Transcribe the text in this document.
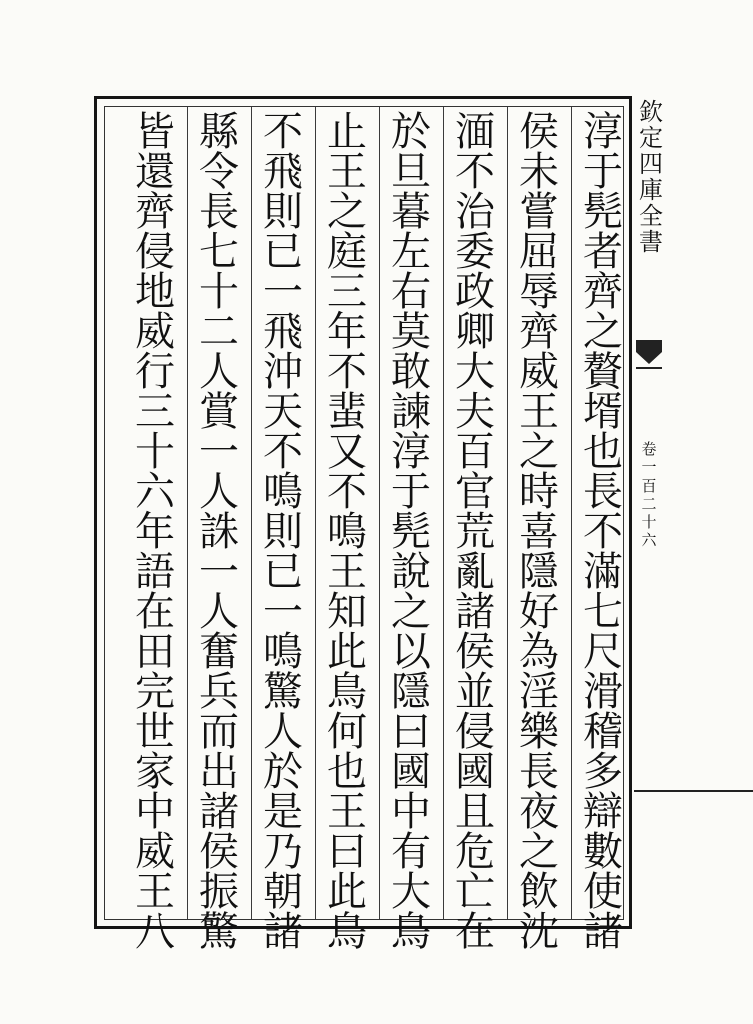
欽
定
四
庫
全
書
卷
一
百
二
十
六
淳
于
髡
者
齊
之
贅
壻
也
長
不
滿
七
尺
滑
稽
多
辯
數
使
諸
侯
未
嘗
屈
辱
齊
威
王
之
時
喜
隱
好
為
淫
樂
長
夜
之
飲
沈
湎
不
治
委
政
卿
大
夫
百
官
荒
亂
諸
侯
並
侵
國
且
危
亡
在
於
旦
暮
左
右
莫
敢
諫
淳
于
髡
說
之
以
隱
曰
國
中
有
大
鳥
止
王
之
庭
三
年
不
蜚
又
不
鳴
王
知
此
鳥
何
也
王
曰
此
鳥
不
飛
則
已
一
飛
沖
天
不
鳴
則
已
一
鳴
驚
人
於
是
乃
朝
諸
縣
令
長
七
十
二
人
賞
一
人
誅
一
人
奮
兵
而
出
諸
侯
振
驚
皆
還
齊
侵
地
威
行
三
十
六
年
語
在
田
完
世
家
中
威
王
八
